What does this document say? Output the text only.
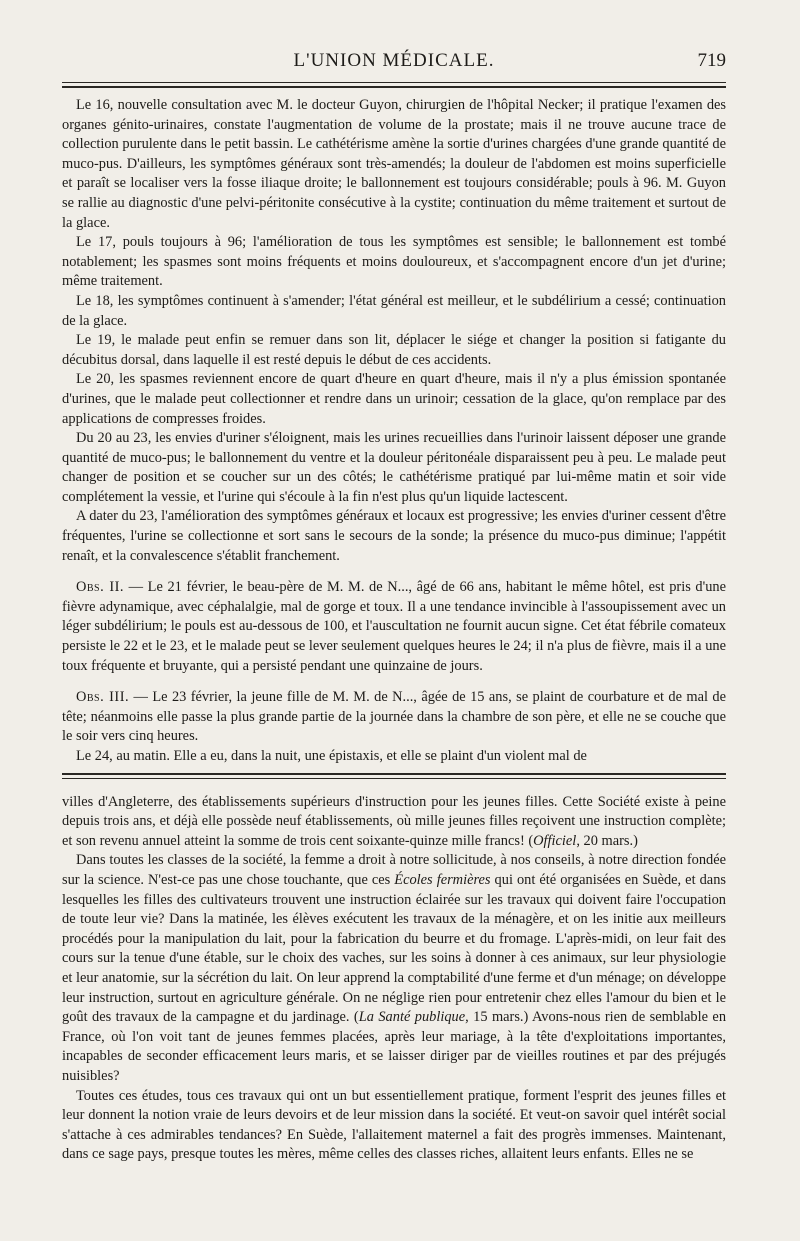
L'UNION MÉDICALE.	719

Le 16, nouvelle consultation avec M. le docteur Guyon, chirurgien de l'hôpital Necker; il pratique l'examen des organes génito-urinaires, constate l'augmentation de volume de la prostate; mais il ne trouve aucune trace de collection purulente dans le petit bassin. Le cathétérisme amène la sortie d'urines chargées d'une grande quantité de muco-pus. D'ailleurs, les symptômes généraux sont très-amendés; la douleur de l'abdomen est moins superficielle et paraît se localiser vers la fosse iliaque droite; le ballonnement est toujours considérable; pouls à 96. M. Guyon se rallie au diagnostic d'une pelvi-péritonite consécutive à la cystite; continuation du même traitement et surtout de la glace.

Le 17, pouls toujours à 96; l'amélioration de tous les symptômes est sensible; le ballonnement est tombé notablement; les spasmes sont moins fréquents et moins douloureux, et s'accompagnent encore d'un jet d'urine; même traitement.

Le 18, les symptômes continuent à s'amender; l'état général est meilleur, et le subdélirium a cessé; continuation de la glace.

Le 19, le malade peut enfin se remuer dans son lit, déplacer le siége et changer la position si fatigante du décubitus dorsal, dans laquelle il est resté depuis le début de ces accidents.

Le 20, les spasmes reviennent encore de quart d'heure en quart d'heure, mais il n'y a plus émission spontanée d'urines, que le malade peut collectionner et rendre dans un urinoir; cessation de la glace, qu'on remplace par des applications de compresses froides.

Du 20 au 23, les envies d'uriner s'éloignent, mais les urines recueillies dans l'urinoir laissent déposer une grande quantité de muco-pus; le ballonnement du ventre et la douleur péritonéale disparaissent peu à peu. Le malade peut changer de position et se coucher sur un des côtés; le cathétérisme pratiqué par lui-même matin et soir vide complétement la vessie, et l'urine qui s'écoule à la fin n'est plus qu'un liquide lactescent.

A dater du 23, l'amélioration des symptômes généraux et locaux est progressive; les envies d'uriner cessent d'être fréquentes, l'urine se collectionne et sort sans le secours de la sonde; la présence du muco-pus diminue; l'appétit renaît, et la convalescence s'établit franchement.

Obs. II. — Le 21 février, le beau-père de M. M. de N..., âgé de 66 ans, habitant le même hôtel, est pris d'une fièvre adynamique, avec céphalalgie, mal de gorge et toux. Il a une tendance invincible à l'assoupissement avec un léger subdélirium; le pouls est au-dessous de 100, et l'auscultation ne fournit aucun signe. Cet état fébrile comateux persiste le 22 et le 23, et le malade peut se lever seulement quelques heures le 24; il n'a plus de fièvre, mais il a une toux fréquente et bruyante, qui a persisté pendant une quinzaine de jours.

Obs. III. — Le 23 février, la jeune fille de M. M. de N..., âgée de 15 ans, se plaint de courbature et de mal de tête; néanmoins elle passe la plus grande partie de la journée dans la chambre de son père, et elle ne se couche que le soir vers cinq heures.

Le 24, au matin. Elle a eu, dans la nuit, une épistaxis, et elle se plaint d'un violent mal de

villes d'Angleterre, des établissements supérieurs d'instruction pour les jeunes filles. Cette Société existe à peine depuis trois ans, et déjà elle possède neuf établissements, où mille jeunes filles reçoivent une instruction complète; et son revenu annuel atteint la somme de trois cent soixante-quinze mille francs! (Officiel, 20 mars.)

Dans toutes les classes de la société, la femme a droit à notre sollicitude, à nos conseils, à notre direction fondée sur la science. N'est-ce pas une chose touchante, que ces Écoles fermières qui ont été organisées en Suède, et dans lesquelles les filles des cultivateurs trouvent une instruction éclairée sur les travaux qui doivent faire l'occupation de toute leur vie? Dans la matinée, les élèves exécutent les travaux de la ménagère, et on les initie aux meilleurs procédés pour la manipulation du lait, pour la fabrication du beurre et du fromage. L'après-midi, on leur fait des cours sur la tenue d'une étable, sur le choix des vaches, sur les soins à donner à ces animaux, sur leur physiologie et leur anatomie, sur la sécrétion du lait. On leur apprend la comptabilité d'une ferme et d'un ménage; on développe leur instruction, surtout en agriculture générale. On ne néglige rien pour entretenir chez elles l'amour du bien et le goût des travaux de la campagne et du jardinage. (La Santé publique, 15 mars.) Avons-nous rien de semblable en France, où l'on voit tant de jeunes femmes placées, après leur mariage, à la tête d'exploitations importantes, incapables de seconder efficacement leurs maris, et se laisser diriger par de vieilles routines et par des préjugés nuisibles?

Toutes ces études, tous ces travaux qui ont un but essentiellement pratique, forment l'esprit des jeunes filles et leur donnent la notion vraie de leurs devoirs et de leur mission dans la société. Et veut-on savoir quel intérêt social s'attache à ces admirables tendances? En Suède, l'allaitement maternel a fait des progrès immenses. Maintenant, dans ce sage pays, presque toutes les mères, même celles des classes riches, allaitent leurs enfants. Elles ne se
